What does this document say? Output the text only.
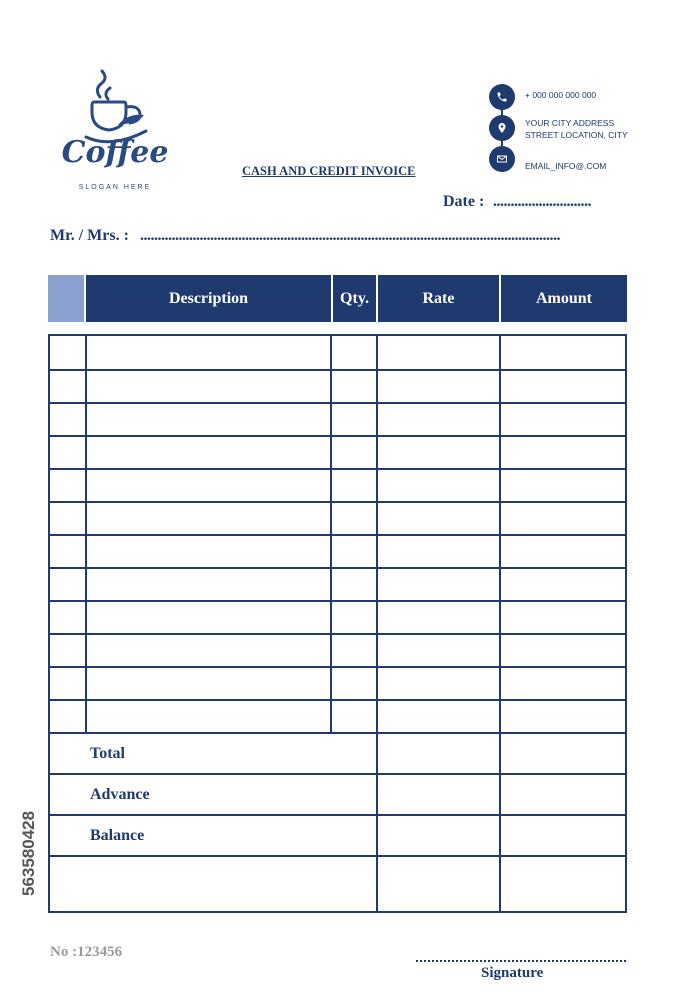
Coffee
SLOGAN HERE
CASH AND CREDIT INVOICE
+ 000 000 000 000
YOUR CITY ADDRESS
STREET LOCATION, CITY
EMAIL_INFO@.COM
Date : ............................
Mr. / Mrs. : ........................................................................................................................
Description	Qty.	Rate	Amount
Total
Advance
Balance
No :123456
Signature
563580428
